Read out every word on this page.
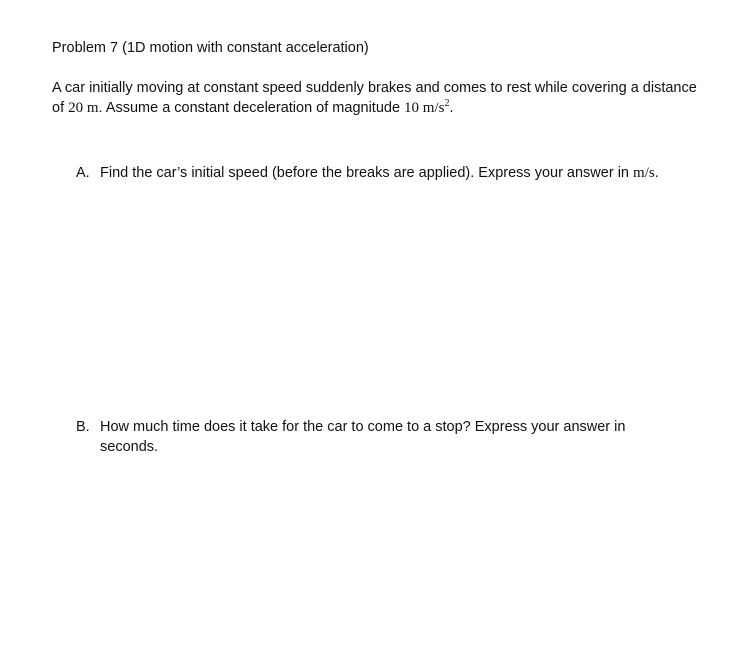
Problem 7 (1D motion with constant acceleration)
A car initially moving at constant speed suddenly brakes and comes to rest while covering a distance of 20 m. Assume a constant deceleration of magnitude 10 $m/s^2$.
A. Find the car’s initial speed (before the breaks are applied). Express your answer in m/s.
B. How much time does it take for the car to come to a stop? Express your answer in seconds.
